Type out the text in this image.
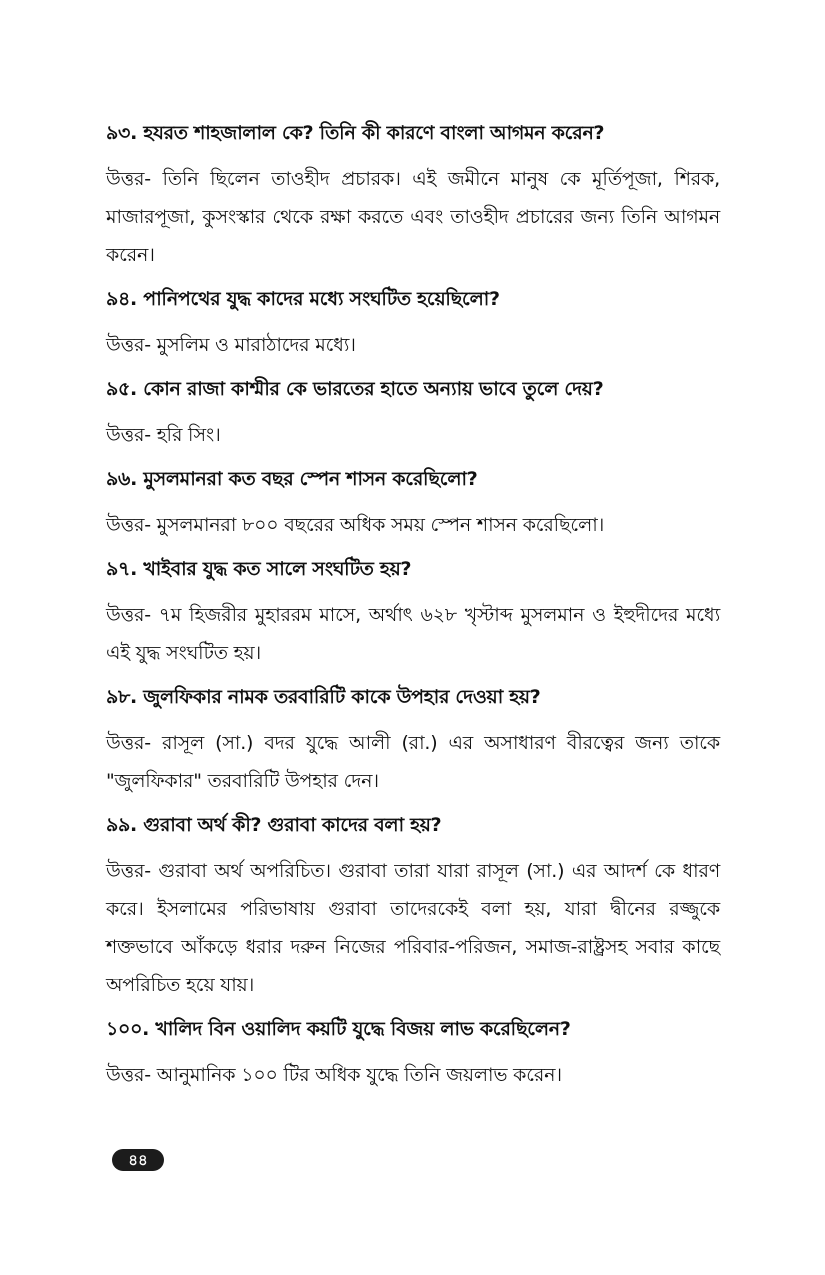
৯৩. হযরত শাহজালাল কে? তিনি কী কারণে বাংলা আগমন করেন?

উত্তর- তিনি ছিলেন তাওহীদ প্রচারক। এই জমীনে মানুষ কে মূর্তিপূজা, শিরক, মাজারপূজা, কুসংস্কার থেকে রক্ষা করতে এবং তাওহীদ প্রচারের জন্য তিনি আগমন করেন।

৯৪. পানিপথের যুদ্ধ কাদের মধ্যে সংঘটিত হয়েছিলো?

উত্তর- মুসলিম ও মারাঠাদের মধ্যে।

৯৫. কোন রাজা কাশ্মীর কে ভারতের হাতে অন্যায় ভাবে তুলে দেয়?

উত্তর- হরি সিং।

৯৬. মুসলমানরা কত বছর স্পেন শাসন করেছিলো?

উত্তর- মুসলমানরা ৮০০ বছরের অধিক সময় স্পেন শাসন করেছিলো।

৯৭. খাইবার যুদ্ধ কত সালে সংঘটিত হয়?

উত্তর- ৭ম হিজরীর মুহাররম মাসে, অর্থাৎ ৬২৮ খৃস্টাব্দ মুসলমান ও ইহুদীদের মধ্যে এই যুদ্ধ সংঘটিত হয়।

৯৮. জুলফিকার নামক তরবারিটি কাকে উপহার দেওয়া হয়?

উত্তর- রাসূল (সা.) বদর যুদ্ধে আলী (রা.) এর অসাধারণ বীরত্বের জন্য তাকে "জুলফিকার" তরবারিটি উপহার দেন।

৯৯. গুরাবা অর্থ কী? গুরাবা কাদের বলা হয়?

উত্তর- গুরাবা অর্থ অপরিচিত। গুরাবা তারা যারা রাসূল (সা.) এর আদর্শ কে ধারণ করে। ইসলামের পরিভাষায় গুরাবা তাদেরকেই বলা হয়, যারা দ্বীনের রজ্জুকে শক্তভাবে আঁকড়ে ধরার দরুন নিজের পরিবার-পরিজন, সমাজ-রাষ্ট্রসহ সবার কাছে অপরিচিত হয়ে যায়।

১০০. খালিদ বিন ওয়ালিদ কয়টি যুদ্ধে বিজয় লাভ করেছিলেন?

উত্তর- আনুমানিক ১০০ টির অধিক যুদ্ধে তিনি জয়লাভ করেন।

৪৪
